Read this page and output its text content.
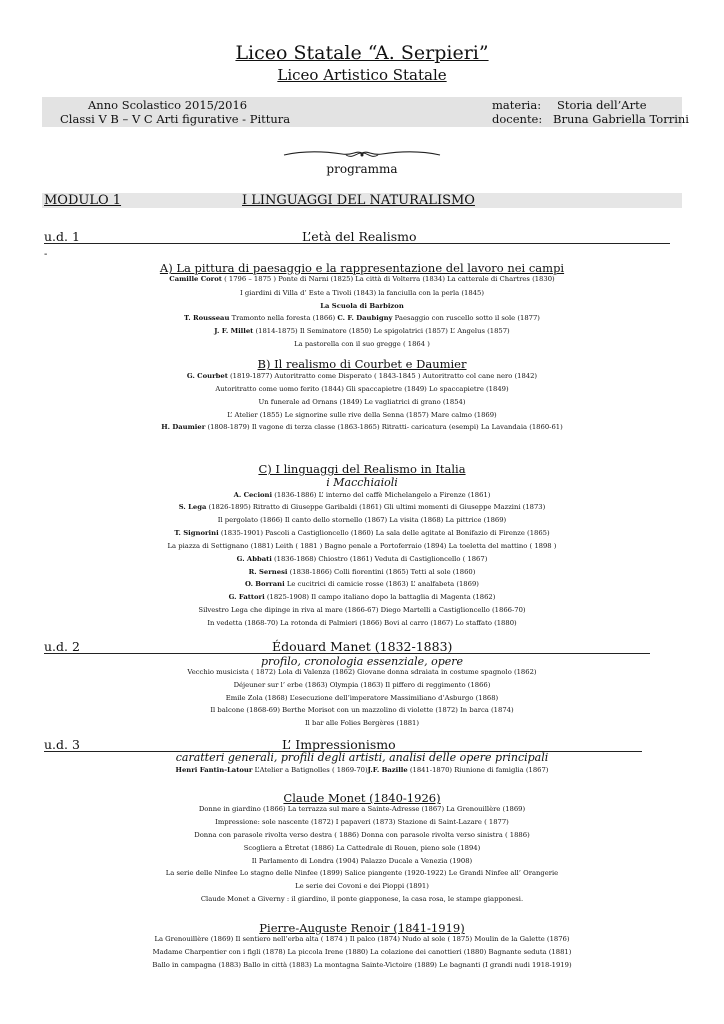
Liceo Statale “A. Serpieri”
Liceo Artistico Statale
Anno Scolastico 2015/2016
Classi V B – V C Arti figurative - Pittura
materia: Storia dell’Arte
docente: Bruna Gabriella Torrini
programma
MODULO 1	I LINGUAGGI DEL NATURALISMO
u.d. 1	L’età del Realismo
-
A) La pittura di paesaggio e la rappresentazione del lavoro nei campi
Camille Corot ( 1796 – 1875 ) Ponte di Narni (1825) La città di Volterra (1834) La catterale di Chartres (1830)
I giardini di Villa d’ Este a Tivoli (1843) la fanciulla con la perla (1845)
La Scuola di Barbizon
T. Rousseau Tramonto nella foresta (1866) C. F. Daubigny Paesaggio con ruscello sotto il sole (1877)
J. F. Millet (1814-1875) Il Seminatore (1850) Le spigolatrici (1857) L’ Angelus (1857)
La pastorella con il suo gregge ( 1864 )
B) Il realismo di Courbet e Daumier
G. Courbet (1819-1877) Autoritratto come Disperato ( 1843-1845 ) Autoritratto col cane nero (1842)
Autoritratto come uomo ferito (1844) Gli spaccapietre (1849) Lo spaccapietre (1849)
Un funerale ad Ornans (1849) Le vagliatrici di grano (1854)
L’ Atelier (1855) Le signorine sulle rive della Senna (1857) Mare calmo (1869)
H. Daumier (1808-1879) Il vagone di terza classe (1863-1865) Ritratti- caricatura (esempi) La Lavandaia (1860-61)
C) I linguaggi del Realismo in Italia
i Macchiaioli
A. Cecioni (1836-1886) L’ interno del caffè Michelangelo a Firenze (1861)
S. Lega (1826-1895) Ritratto di Giuseppe Garibaldi (1861) Gli ultimi momenti di Giuseppe Mazzini (1873)
Il pergolato (1866) Il canto dello stornello (1867) La visita (1868) La pittrice (1869)
T. Signorini (1835-1901) Pascoli a Castiglioncello (1860) La sala delle agitate al Bonifazio di Firenze (1865)
La piazza di Settignano (1881) Leith ( 1881 ) Bagno penale a Portoferraio (1894) La toeletta del mattino ( 1898 )
G. Abbati (1836-1868) Chiostro (1861) Veduta di Castiglioncello ( 1867)
R. Sernesi (1838-1866) Colli fiorentini (1865) Tetti al sole (1860)
O. Borrani Le cucitrici di camicie rosse (1863) L’ analfabeta (1869)
G. Fattori (1825-1908) Il campo italiano dopo la battaglia di Magenta (1862)
Silvestro Lega che dipinge in riva al mare (1866-67) Diego Martelli a Castiglioncello (1866-70)
In vedetta (1868-70) La rotonda di Palmieri (1866) Bovi al carro (1867) Lo staffato (1880)
u.d. 2	Édouard Manet (1832-1883)
profilo, cronologia essenziale, opere
Vecchio musicista ( 1872) Lola di Valenza (1862) Giovane donna sdraiata in costume spagnolo (1862)
Déjeuner sur l’ erbe (1863) Olympia (1863) Il piffero di reggimento (1866)
Emile Zola (1868) L’esecuzione dell’imperatore Massimiliano d’Asburgo (1868)
Il balcone (1868-69) Berthe Morisot con un mazzolino di violette (1872) In barca (1874)
Il bar alle Folies Bergères (1881)
u.d. 3	L’ Impressionismo
caratteri generali, profili degli artisti, analisi delle opere principali
Henri Fantin-Latour L’Atelier a Batignolles ( 1869-70)J.F. Bazille (1841-1870) Riunione di famiglia (1867)
Claude Monet (1840-1926)
Donne in giardino (1866) La terrazza sul mare a Sainte-Adresse (1867) La Grenouillère (1869)
Impressione: sole nascente (1872) I papaveri (1873) Stazione di Saint-Lazare ( 1877)
Donna con parasole rivolta verso destra ( 1886) Donna con parasole rivolta verso sinistra ( 1886)
Scogliera a Étretat (1886) La Cattedrale di Rouen, pieno sole (1894)
Il Parlamento di Londra (1904) Palazzo Ducale a Venezia (1908)
La serie delle Ninfee Lo stagno delle Ninfee (1899) Salice piangente (1920-1922) Le Grandi Ninfee all’ Orangerie
Le serie dei Covoni e dei Pioppi (1891)
Claude Monet a Giverny : il giardino, il ponte giapponese, la casa rosa, le stampe giapponesi.
Pierre-Auguste Renoir (1841-1919)
La Grenouillère (1869) Il sentiero nell’erba alta ( 1874 ) Il palco (1874) Nudo al sole ( 1875) Moulin de la Galette (1876)
Madame Charpentier con i figli (1878) La piccola Irene (1880) La colazione dei canottieri (1880) Bagnante seduta (1881)
Ballo in campagna (1883) Ballo in città (1883) La montagna Sainte-Victoire (1889) Le bagnanti (I grandi nudi 1918-1919)
